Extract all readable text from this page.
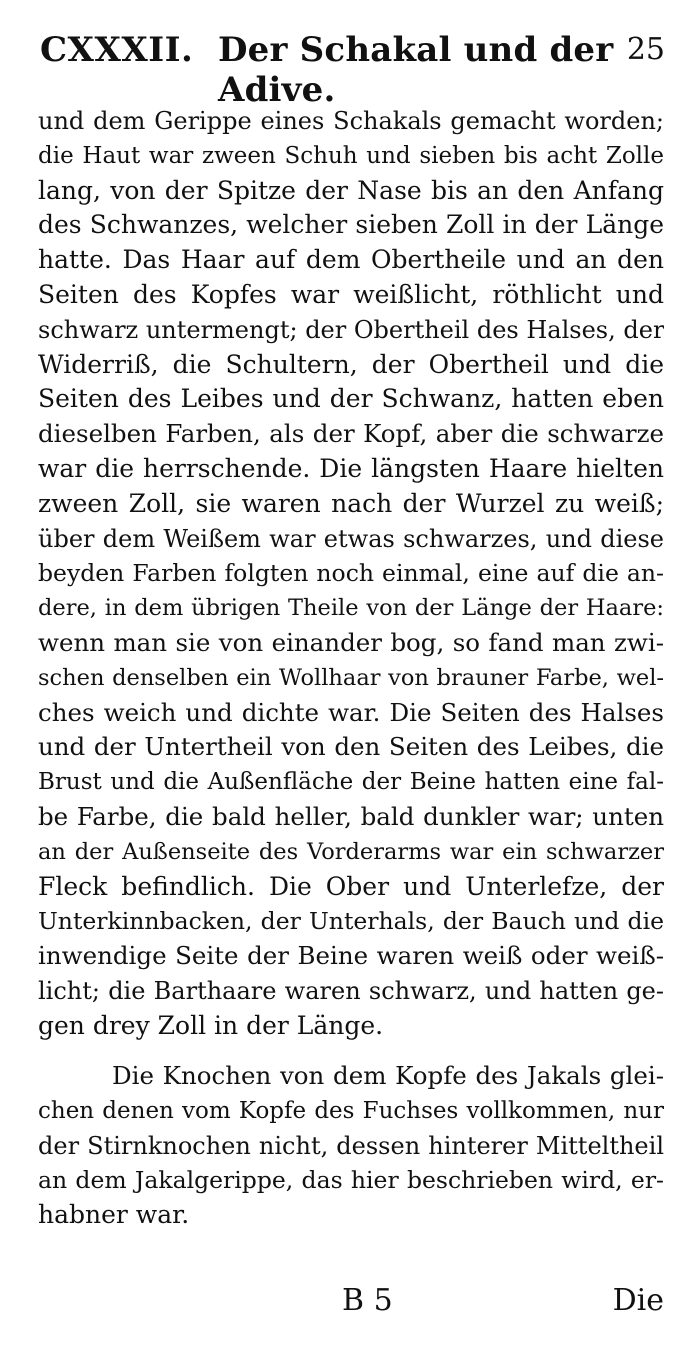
CXXXII. Der Schakal und der Adive.
25
und dem Gerippe eines Schakals gemacht worden;
die Haut war zween Schuh und sieben bis acht Zolle
lang, von der Spitze der Nase bis an den Anfang
des Schwanzes, welcher sieben Zoll in der Länge
hatte. Das Haar auf dem Obertheile und an den
Seiten des Kopfes war weißlicht, röthlicht und
schwarz untermengt; der Obertheil des Halses, der
Widerriß, die Schultern, der Obertheil und die
Seiten des Leibes und der Schwanz, hatten eben
dieselben Farben, als der Kopf, aber die schwarze
war die herrschende. Die längsten Haare hielten
zween Zoll, sie waren nach der Wurzel zu weiß;
über dem Weißem war etwas schwarzes, und diese
beyden Farben folgten noch einmal, eine auf die an-
dere, in dem übrigen Theile von der Länge der Haare:
wenn man sie von einander bog, so fand man zwi-
schen denselben ein Wollhaar von brauner Farbe, wel-
ches weich und dichte war. Die Seiten des Halses
und der Untertheil von den Seiten des Leibes, die
Brust und die Außenfläche der Beine hatten eine fal-
be Farbe, die bald heller, bald dunkler war; unten
an der Außenseite des Vorderarms war ein schwarzer
Fleck befindlich. Die Ober und Unterlefze, der
Unterkinnbacken, der Unterhals, der Bauch und die
inwendige Seite der Beine waren weiß oder weiß-
licht; die Barthaare waren schwarz, und hatten ge-
gen drey Zoll in der Länge.
Die Knochen von dem Kopfe des Jakals glei-
chen denen vom Kopfe des Fuchses vollkommen, nur
der Stirnknochen nicht, dessen hinterer Mitteltheil
an dem Jakalgerippe, das hier beschrieben wird, er-
habner war.
B 5	Die
